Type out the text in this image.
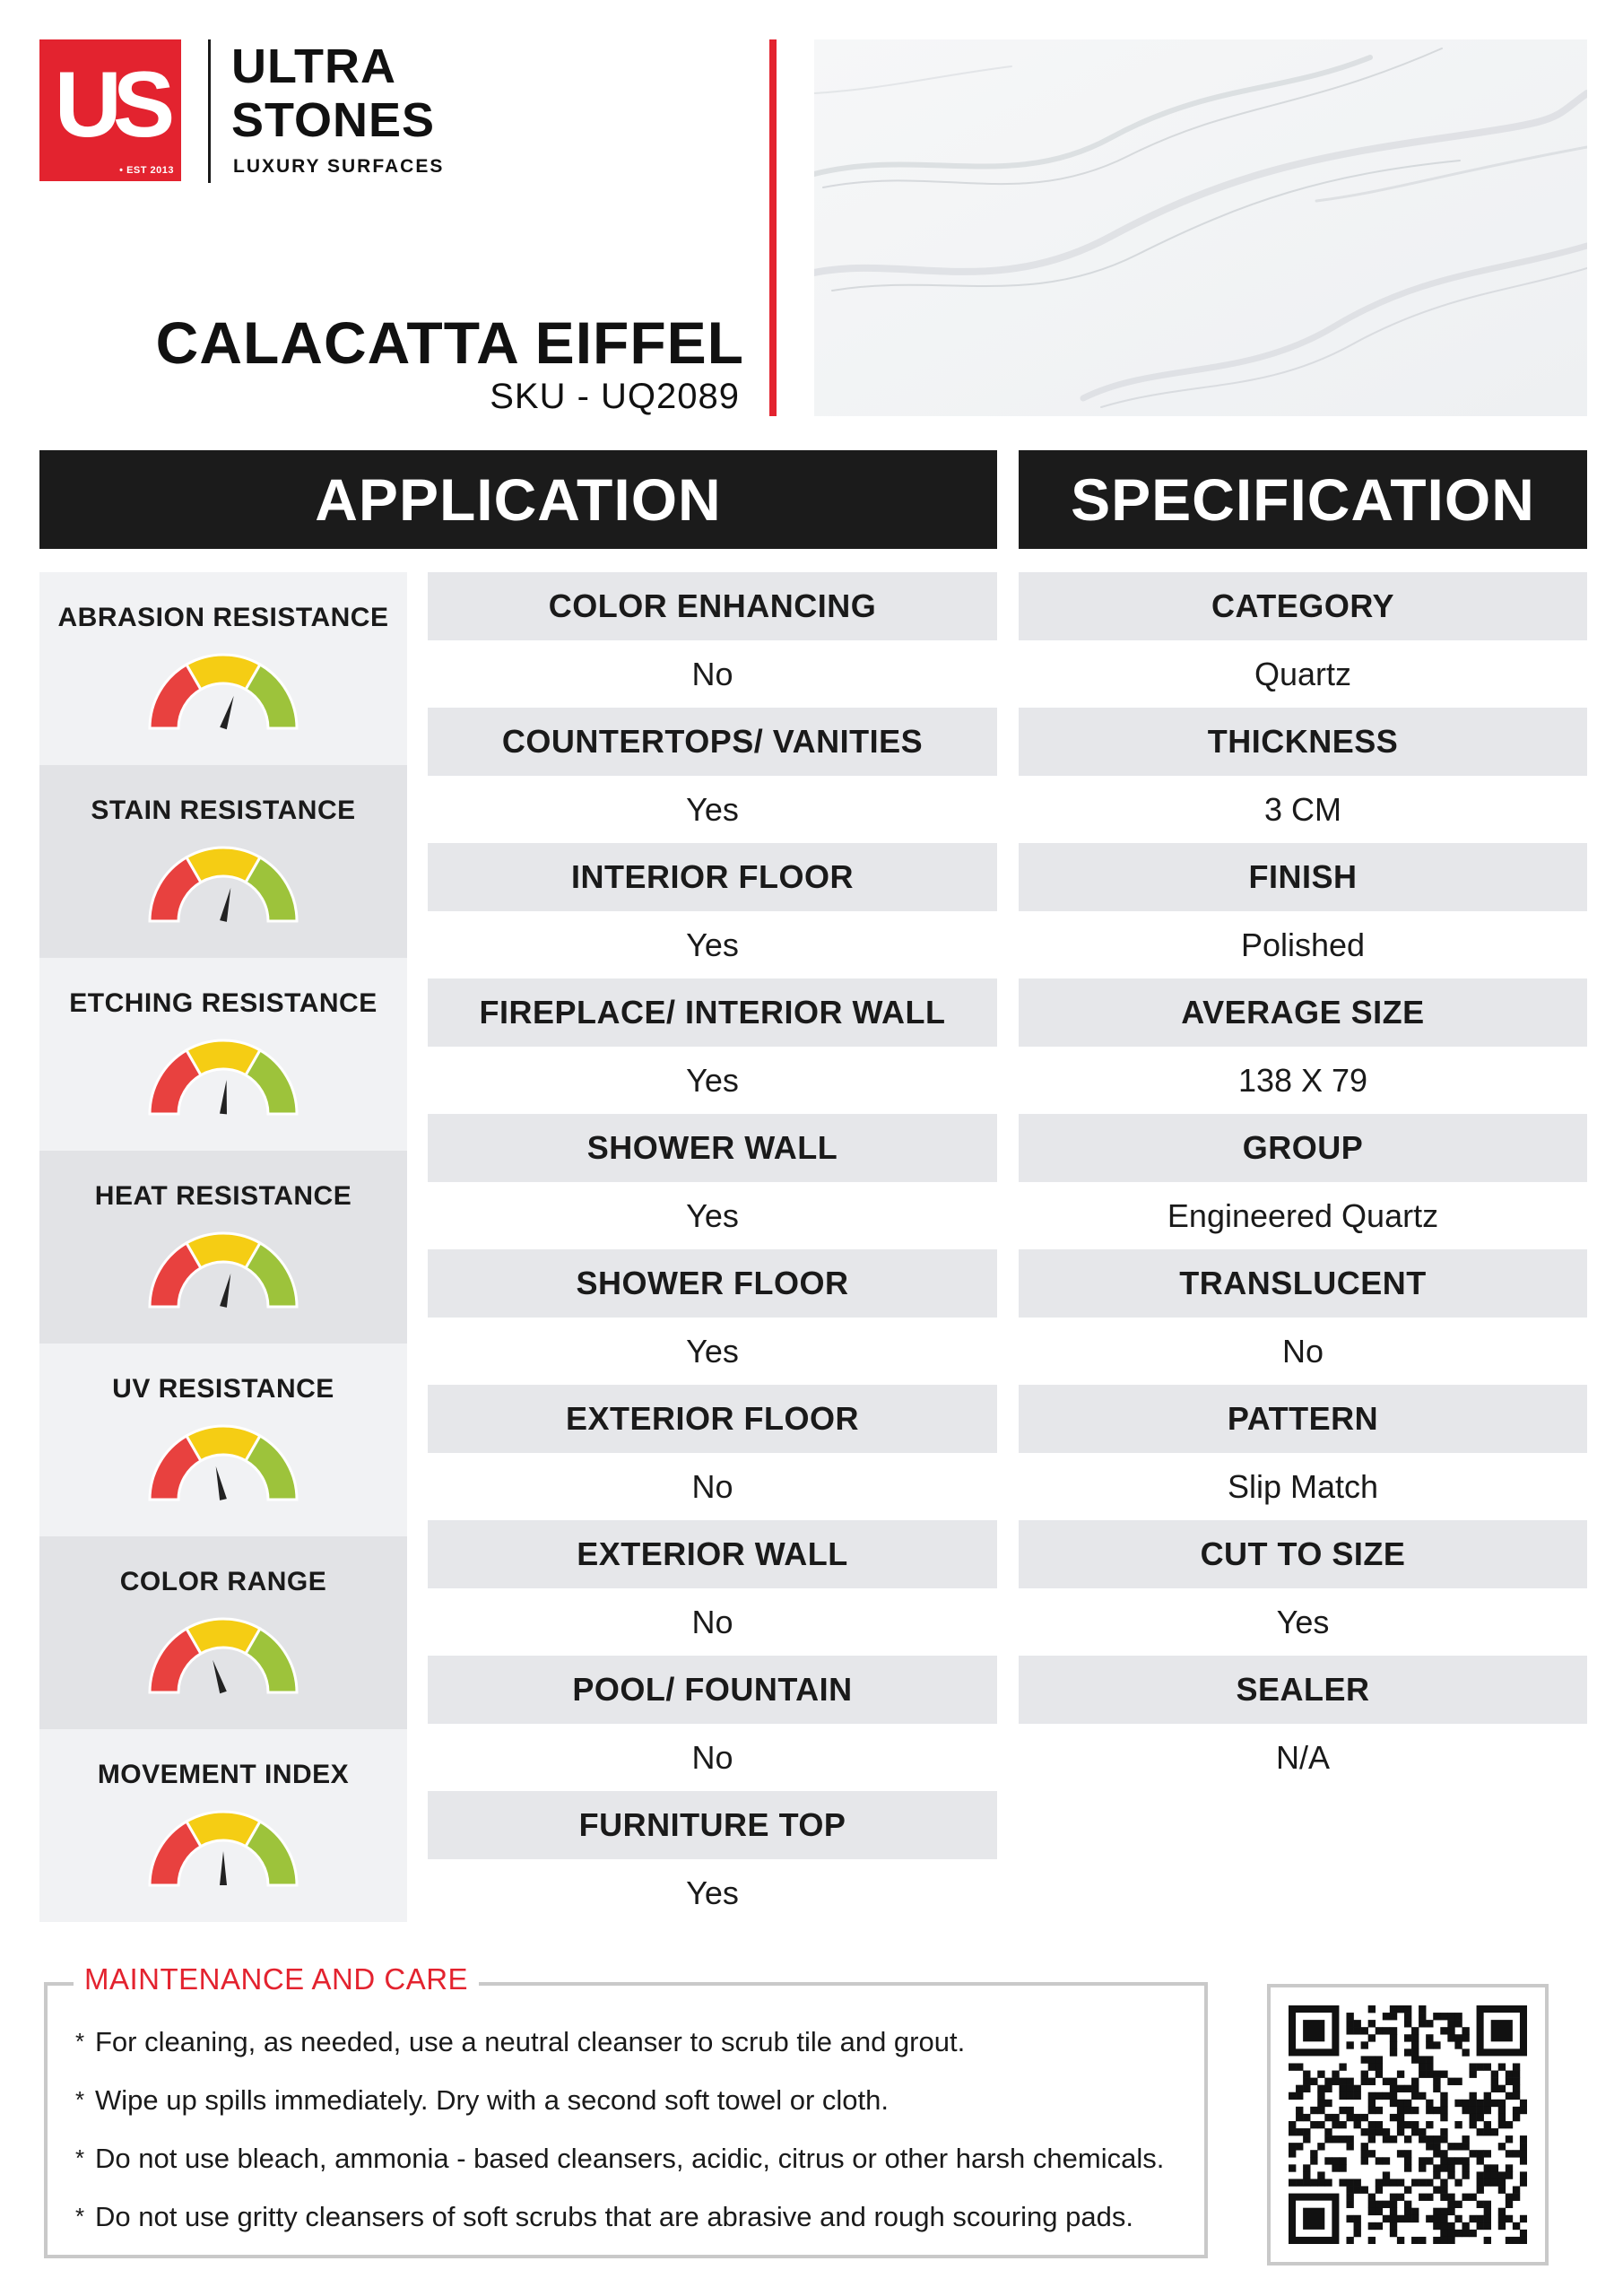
US
• EST 2013
ULTRA
STONES
LUXURY SURFACES
CALACATTA EIFFEL
SKU - UQ2089
APPLICATION	SPECIFICATION
ABRASION RESISTANCE
STAIN RESISTANCE
ETCHING RESISTANCE
HEAT RESISTANCE
UV RESISTANCE
COLOR RANGE
MOVEMENT INDEX
COLOR ENHANCING
No
COUNTERTOPS/ VANITIES
Yes
INTERIOR FLOOR
Yes
FIREPLACE/ INTERIOR WALL
Yes
SHOWER WALL
Yes
SHOWER FLOOR
Yes
EXTERIOR FLOOR
No
EXTERIOR WALL
No
POOL/ FOUNTAIN
No
FURNITURE TOP
Yes
CATEGORY
Quartz
THICKNESS
3 CM
FINISH
Polished
AVERAGE SIZE
138 X 79
GROUP
Engineered Quartz
TRANSLUCENT
No
PATTERN
Slip Match
CUT TO SIZE
Yes
SEALER
N/A
MAINTENANCE AND CARE
* For cleaning, as needed, use a neutral cleanser to scrub tile and grout.
* Wipe up spills immediately. Dry with a second soft towel or cloth.
* Do not use bleach, ammonia - based cleansers, acidic, citrus or other harsh chemicals.
* Do not use gritty cleansers of soft scrubs that are abrasive and rough scouring pads.
